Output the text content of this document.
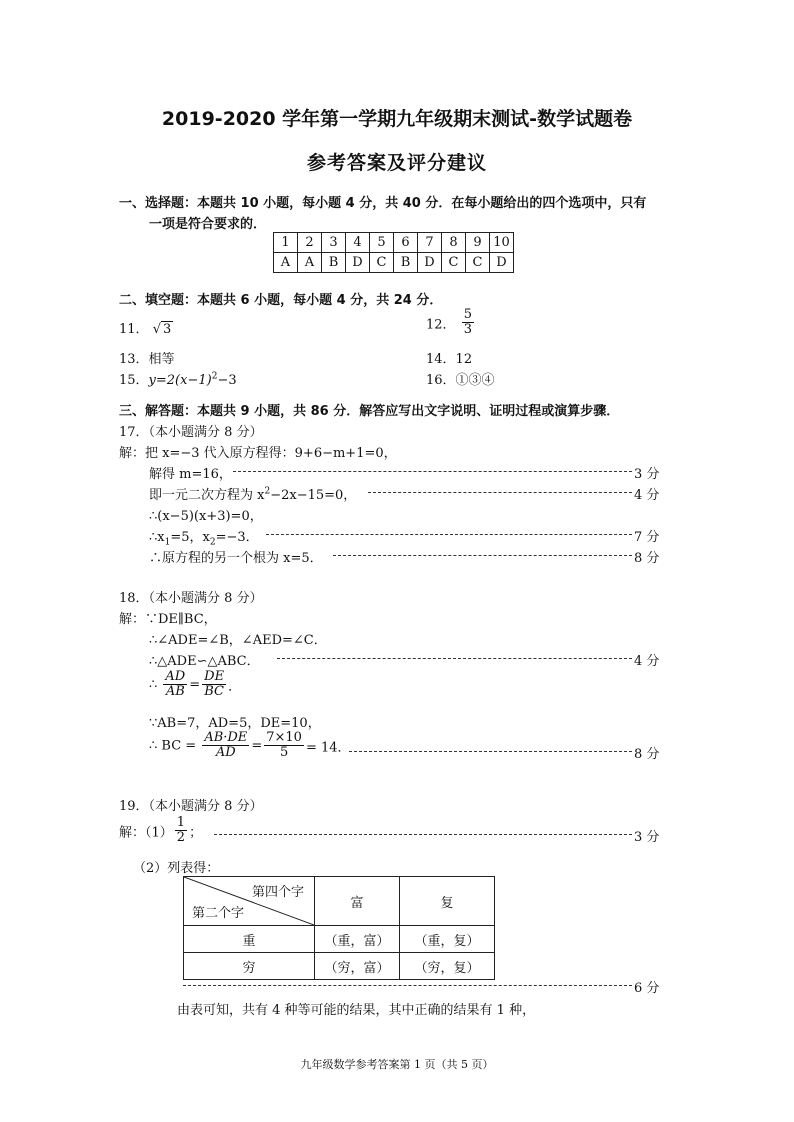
2019-2020 学年第一学期九年级期末测试-数学试题卷
参考答案及评分建议
一、选择题：本题共 10 小题，每小题 4 分，共 40 分．在每小题给出的四个选项中，只有
一项是符合要求的．
1	2	3	4	5	6	7	8	9	10
A	A	B	D	C	B	D	C	C	D
二、填空题：本题共 6 小题，每小题 4 分，共 24 分．
11． √ 3	12． $\frac{5}{3}$
13．相等	14．12
15．$y=2(x-1)^2-3$	16．①③④
三、解答题：本题共 9 小题，共 86 分．解答应写出文字说明、证明过程或演算步骤．
17．（本小题满分 8 分）
解：把 x=−3 代入原方程得：9+6−m+1=0，
解得 m=16，	3 分
即一元二次方程为 $x^2-2x-15=0$，	4 分
∴(x−5)(x+3)=0，
$\therefore x_1=5$，$x_2=-3$．	7 分
∴原方程的另一个根为 x=5．	8 分
18．（本小题满分 8 分）
解：∵DE∥BC，
∴∠ADE=∠B，∠AED=∠C．
∴△ADE∽△ABC．	4 分
∴ $\frac{AD}{AB} = \frac{DE}{BC}$ ．
∵AB=7，AD=5，DE=10，
∴ BC = $\frac{AB\cdot DE}{AD} = \frac{7\times 10}{5} = 14$．	8 分
19．（本小题满分 8 分）
解：$(1) \frac{1}{2}$ ；	3 分
（2）列表得：
第四个字
第二个字	富	复
重	（重，富）	（重，复）
穷	（穷，富）	（穷，复）
6 分
由表可知，共有 4 种等可能的结果，其中正确的结果有 1 种，
九年级数学参考答案第 1 页（共 5 页）
